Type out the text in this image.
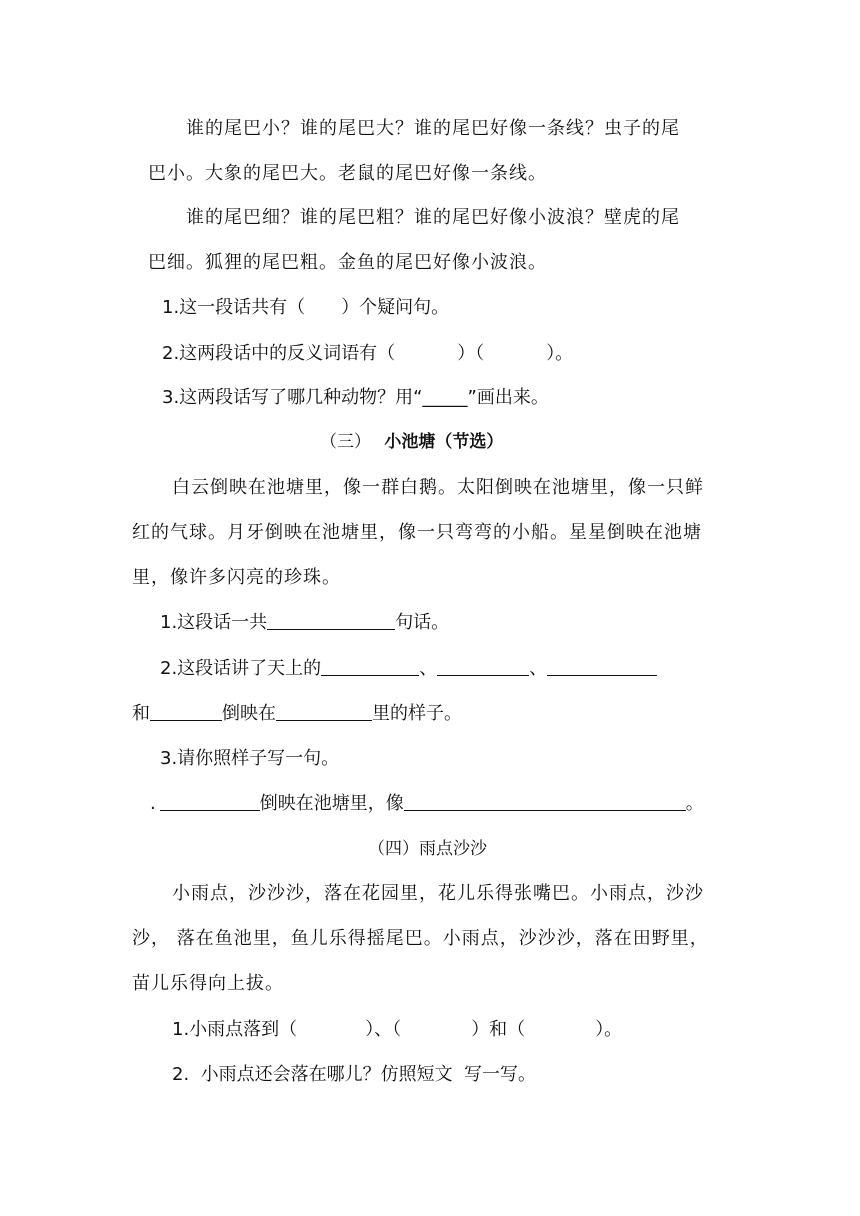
谁的尾巴小？谁的尾巴大？谁的尾巴好像一条线？虫子的尾
巴小。大象的尾巴大。老鼠的尾巴好像一条线。
谁的尾巴细？谁的尾巴粗？谁的尾巴好像小波浪？壁虎的尾
巴细。狐狸的尾巴粗。金鱼的尾巴好像小波浪。
1.这一段话共有（ ）个疑问句。
2.这两段话中的反义词语有（	）（	）。
3.这两段话写了哪几种动物？用“_____”画出来。
（三） 小池塘（节选）
白云倒映在池塘里，像一群白鹅。太阳倒映在池塘里，像一只鲜
红的气球。月牙倒映在池塘里，像一只弯弯的小船。星星倒映在池塘
里，像许多闪亮的珍珠。
1.这段话一共	句话。
2.这段话讲了天上的	、	、
和	倒映在	里的样子。
3.请你照样子写一句。
.	倒映在池塘里，像	。
（四）雨点沙沙
小雨点，沙沙沙，落在花园里，花儿乐得张嘴巴。小雨点，沙沙
沙， 落在鱼池里，鱼儿乐得摇尾巴。小雨点，沙沙沙，落在田野里，
苗儿乐得向上拔。
1.小雨点落到（	）、（	）和（	）。
2.  小雨点还会落在哪儿？仿照短文  写一写。
